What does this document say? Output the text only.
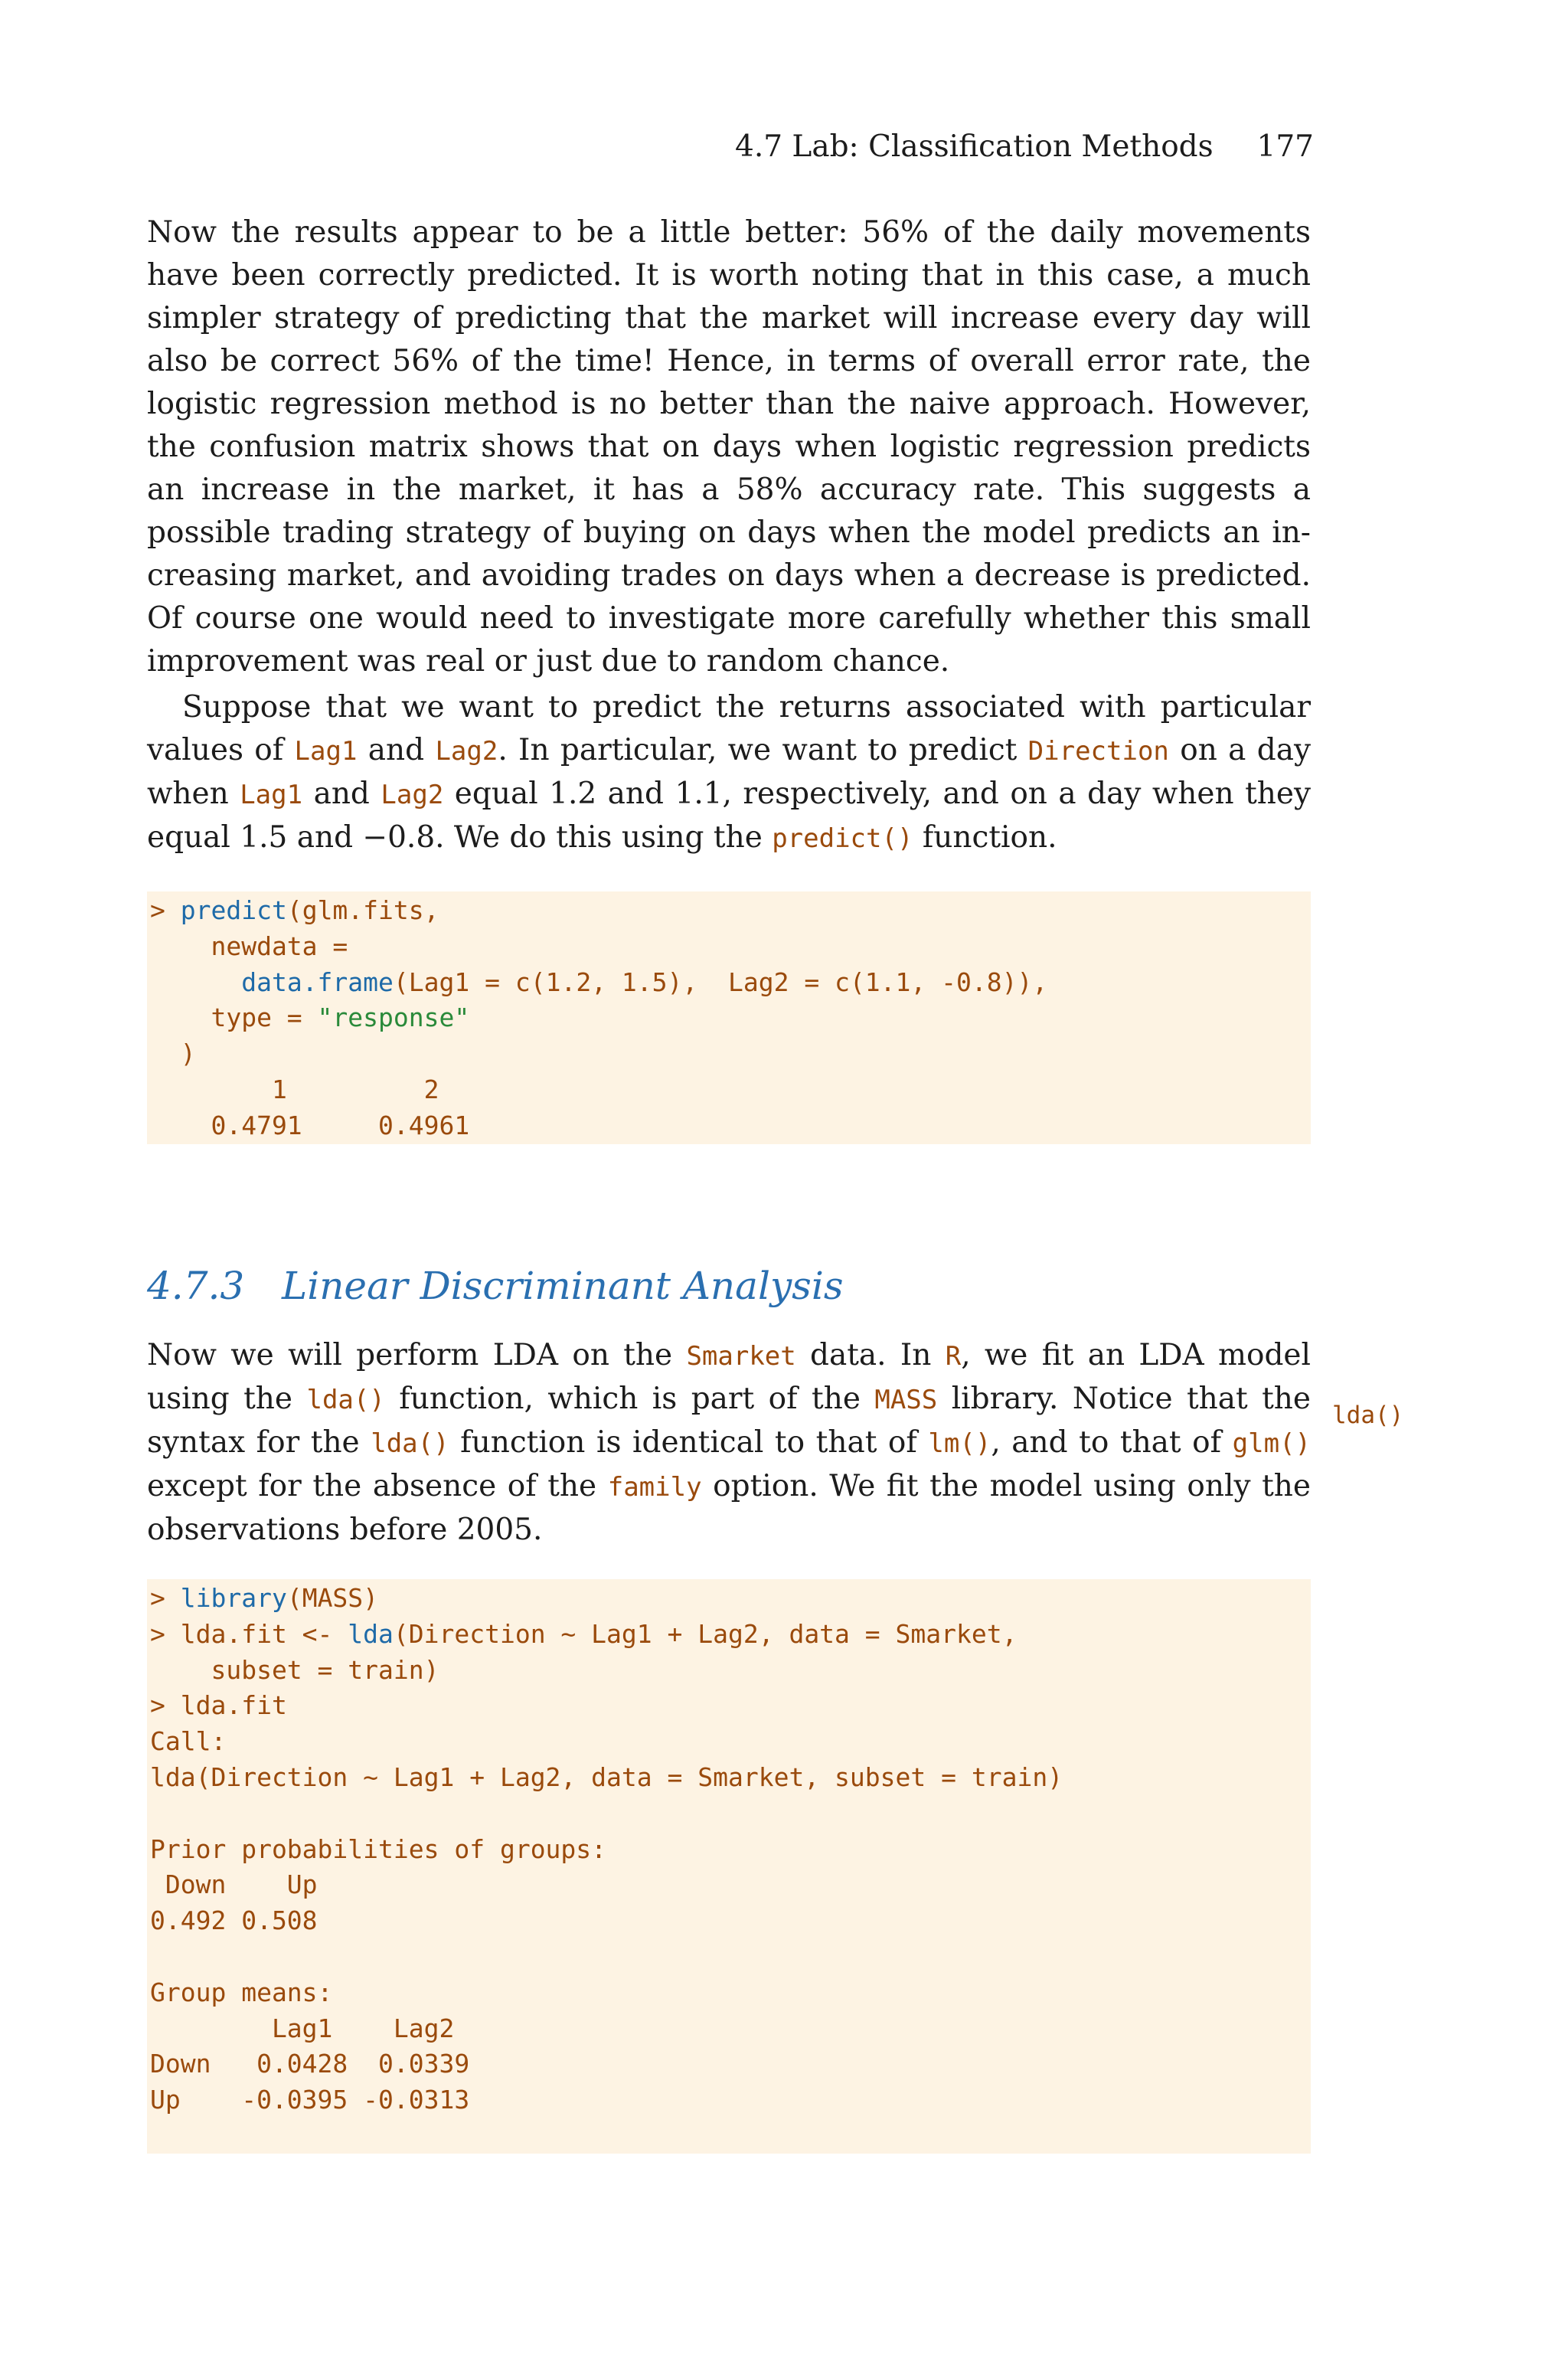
4.7 Lab: Classification Methods 177

Now the results appear to be a little better: 56% of the daily movements have been correctly predicted. It is worth noting that in this case, a much simpler strategy of predicting that the market will increase every day will also be correct 56% of the time! Hence, in terms of overall error rate, the logistic regression method is no better than the naive approach. However, the confusion matrix shows that on days when logistic regression predicts an increase in the market, it has a 58% accuracy rate. This suggests a possible trading strategy of buying on days when the model predicts an in-creasing market, and avoiding trades on days when a decrease is predicted. Of course one would need to investigate more carefully whether this small improvement was real or just due to random chance.

Suppose that we want to predict the returns associated with particular values of Lag1 and Lag2. In particular, we want to predict Direction on a day when Lag1 and Lag2 equal 1.2 and 1.1, respectively, and on a day when they equal 1.5 and −0.8. We do this using the predict() function.

> predict(glm.fits,
newdata =
data.frame(Lag1 = c(1.2, 1.5),  Lag2 = c(1.1, -0.8)),
type = "response"
)
1         2
0.4791     0.4961
4.7.3 Linear Discriminant Analysis

Now we will perform LDA on the Smarket data. In R, we fit an LDA model using the lda() function, which is part of the MASS library. Notice that the syntax for the lda() function is identical to that of lm(), and to that of glm() except for the absence of the family option. We fit the model using only the observations before 2005.

lda()
> library(MASS)
> lda.fit <- lda(Direction ∼ Lag1 + Lag2, data = Smarket,
subset = train)
> lda.fit
Call:
lda(Direction ∼ Lag1 + Lag2, data = Smarket, subset = train)
Prior probabilities of groups:
Down    Up
0.492 0.508
Group means:
Lag1    Lag2
Down   0.0428  0.0339
Up    -0.0395 -0.0313
